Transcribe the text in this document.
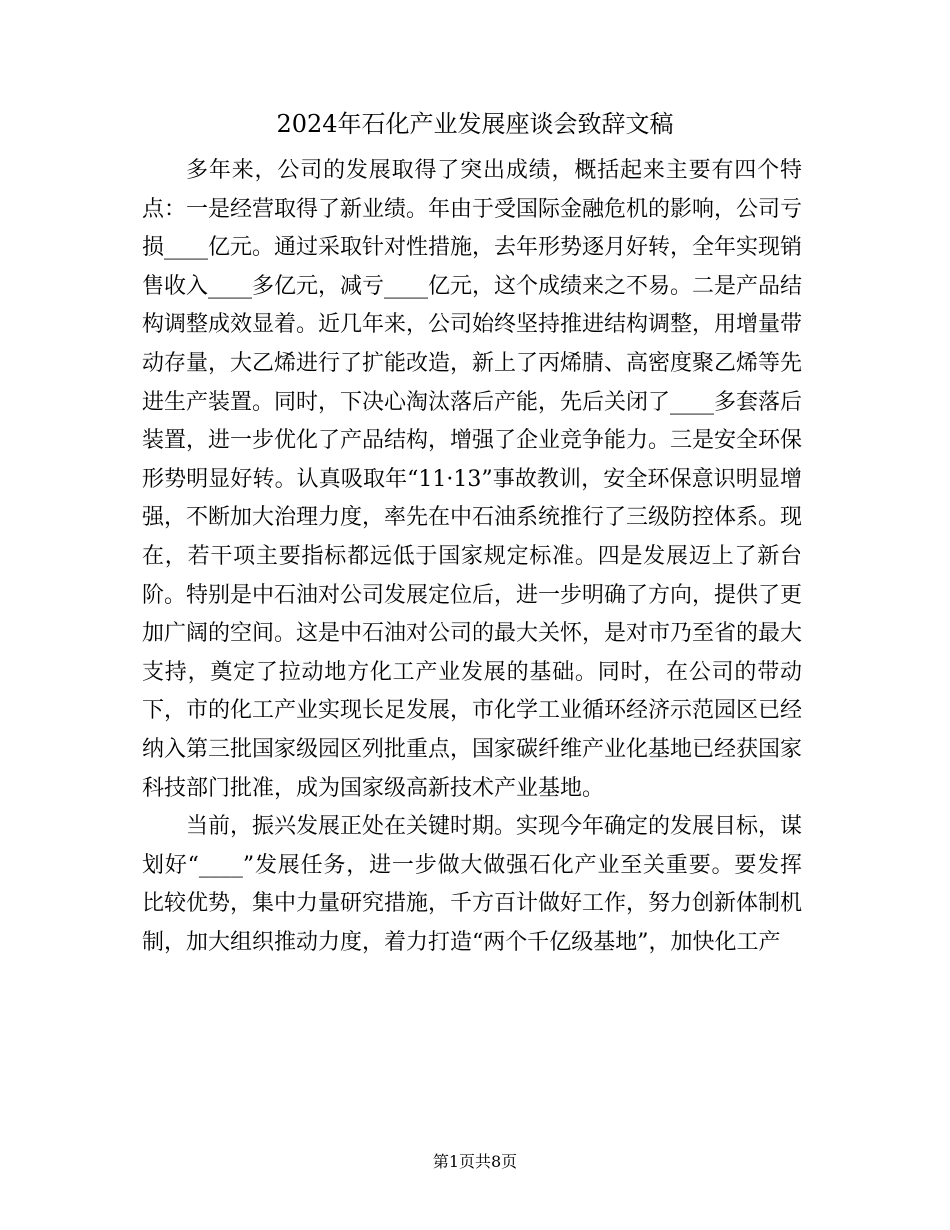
2024年石化产业发展座谈会致辞文稿

多年来，公司的发展取得了突出成绩，概括起来主要有四个特点：一是经营取得了新业绩。年由于受国际金融危机的影响，公司亏损____亿元。通过采取针对性措施，去年形势逐月好转，全年实现销售收入____多亿元，减亏____亿元，这个成绩来之不易。二是产品结构调整成效显着。近几年来，公司始终坚持推进结构调整，用增量带动存量，大乙烯进行了扩能改造，新上了丙烯腈、高密度聚乙烯等先进生产装置。同时，下决心淘汰落后产能，先后关闭了____多套落后装置，进一步优化了产品结构，增强了企业竞争能力。三是安全环保形势明显好转。认真吸取年“11·13”事故教训，安全环保意识明显增强，不断加大治理力度，率先在中石油系统推行了三级防控体系。现在，若干项主要指标都远低于国家规定标准。四是发展迈上了新台阶。特别是中石油对公司发展定位后，进一步明确了方向，提供了更加广阔的空间。这是中石油对公司的最大关怀，是对市乃至省的最大支持，奠定了拉动地方化工产业发展的基础。同时，在公司的带动下，市的化工产业实现长足发展，市化学工业循环经济示范园区已经纳入第三批国家级园区列批重点，国家碳纤维产业化基地已经获国家科技部门批准，成为国家级高新技术产业基地。

当前，振兴发展正处在关键时期。实现今年确定的发展目标，谋划好“____”发展任务，进一步做大做强石化产业至关重要。要发挥比较优势，集中力量研究措施，千方百计做好工作，努力创新体制机制，加大组织推动力度，着力打造“两个千亿级基地”，加快化工产

第1页共8页
